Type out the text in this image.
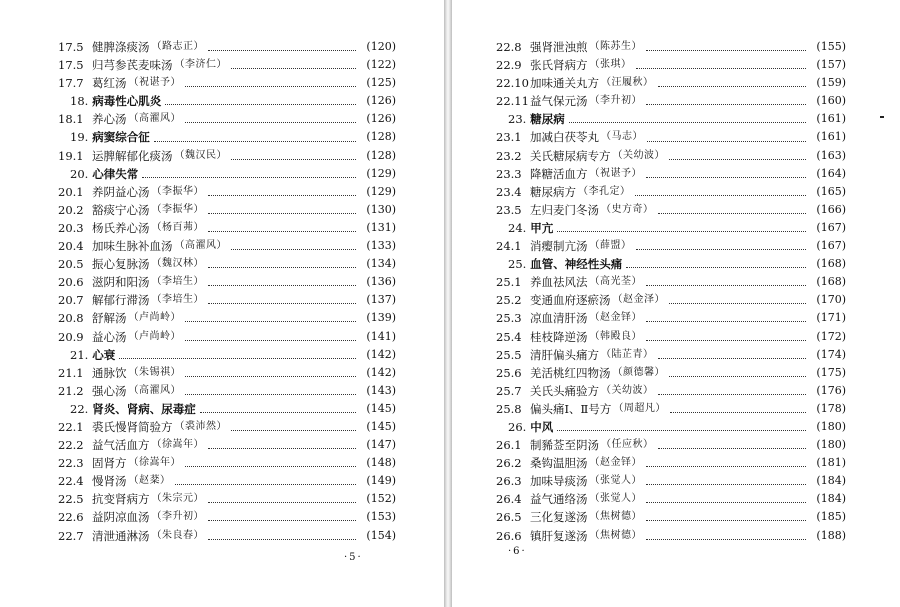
17.5 健脾涤痰汤 （路志正）	(120)
17.5 归芎参芪麦味汤 （李济仁）	(122)
17.7 葛红汤 （祝谌予）	(125)
18. 病毒性心肌炎	(126)
18.1 养心汤 （高濯风）	(126)
19. 病窦综合征	(128)
19.1 运脾解郁化痰汤 （魏汉民）	(128)
20. 心律失常	(129)
20.1 养阴益心汤 （李振华）	(129)
20.2 豁痰宁心汤 （李振华）	(130)
20.3 杨氏养心汤 （杨百茀）	(131)
20.4 加味生脉补血汤 （高濯风）	(133)
20.5 振心复脉汤 （魏汉林）	(134)
20.6 滋阴和阳汤 （李培生）	(136)
20.7 解郁行滞汤 （李培生）	(137)
20.8 舒解汤 （卢尚岭）	(139)
20.9 益心汤 （卢尚岭）	(141)
21. 心衰	(142)
21.1 通脉饮 （朱锡祺）	(142)
21.2 强心汤 （高濯风）	(143)
22. 肾炎、肾病、尿毒症	(145)
22.1 裘氏慢肾简验方 （裘沛然）	(145)
22.2 益气活血方 （徐嵩年）	(147)
22.3 固肾方 （徐嵩年）	(148)
22.4 慢肾汤 （赵棻）	(149)
22.5 抗变肾病方 （朱宗元）	(152)
22.6 益阴凉血汤 （李升初）	(153)
22.7 清泄通淋汤 （朱良春）	(154)
·5·
22.8 强肾泄浊煎 （陈苏生）	(155)
22.9 张氏肾病方 （张琪）	(157)
22.10 加味通关丸方 （汪履秋）	(159)
22.11 益气保元汤 （李升初）	(160)
23. 糖尿病	(161)
23.1 加减白茯苓丸 （马志）	(161)
23.2 关氏糖尿病专方 （关幼波）	(163)
23.3 降糖活血方 （祝谌予）	(164)
23.4 糖尿病方 （李孔定）	(165)
23.5 左归麦门冬汤 （史方奇）	(166)
24. 甲亢	(167)
24.1 消瘿制亢汤 （薛盟）	(167)
25. 血管、神经性头痛	(168)
25.1 养血祛风法 （高光荃）	(168)
25.2 变通血府逐瘀汤 （赵金泽）	(170)
25.3 凉血清肝汤 （赵金铎）	(171)
25.4 桂枝降逆汤 （韩殿良）	(172)
25.5 清肝偏头痛方 （陆芷青）	(174)
25.6 羌活桃红四物汤 （颜德馨）	(175)
25.7 关氏头痛验方 （关幼波）	(176)
25.8 偏头痛Ⅰ、Ⅱ号方 （周超凡）	(178)
26. 中风	(180)
26.1 制豨莶至阴汤 （任应秋）	(180)
26.2 桑钩温胆汤 （赵金铎）	(181)
26.3 加味导痰汤 （张觉人）	(184)
26.4 益气通络汤 （张觉人）	(184)
26.5 三化复遂汤 （焦树德）	(185)
26.6 镇肝复遂汤 （焦树德）	(188)
·6·
